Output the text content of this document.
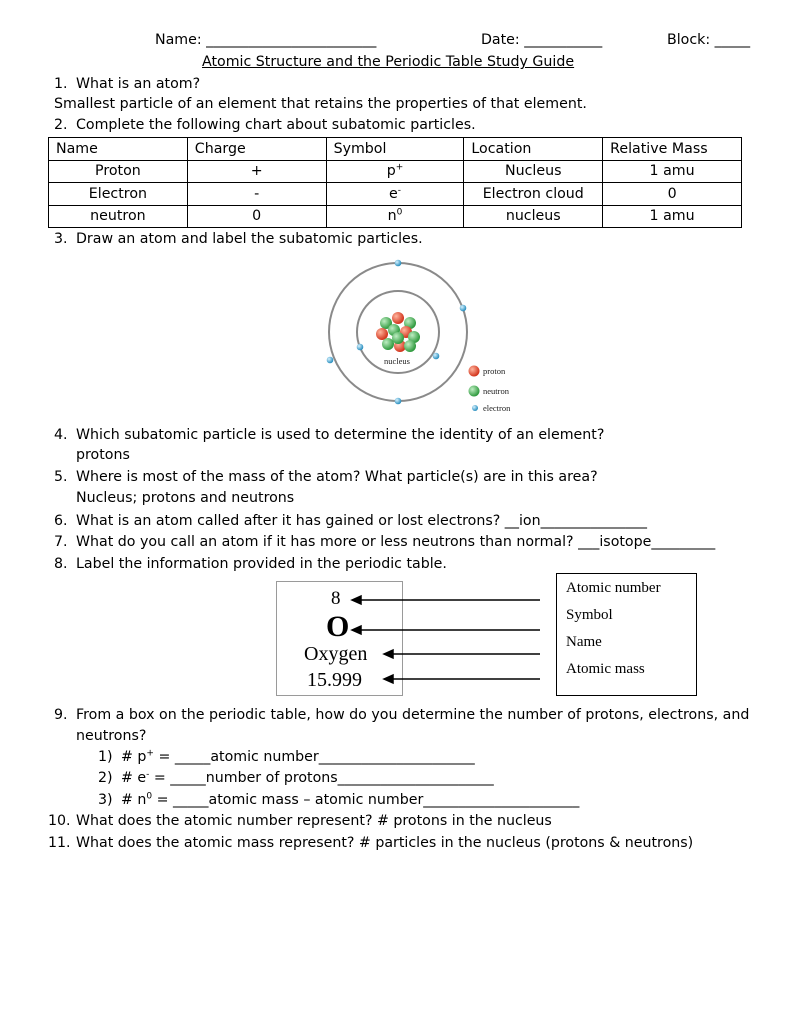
Name: ________________________	Date: ___________	Block: _____
Atomic Structure and the Periodic Table Study Guide
1. What is an atom?
Smallest particle of an element that retains the properties of that element.
2. Complete the following chart about subatomic particles.
Name	Charge	Symbol	Location	Relative Mass
Proton	+	p+	Nucleus	1 amu
Electron	-	e-	Electron cloud	0
neutron	0	$n^0$	nucleus	1 amu
3. Draw an atom and label the subatomic particles.
nucleus
proton
neutron
electron
4. Which subatomic particle is used to determine the identity of an element?
protons
5. Where is most of the mass of the atom? What particle(s) are in this area?
Nucleus; protons and neutrons
6. What is an atom called after it has gained or lost electrons? __ion_______________
7. What do you call an atom if it has more or less neutrons than normal? ___isotope_________
8. Label the information provided in the periodic table.
8
O
Oxygen
15.999
Atomic number
Symbol
Name
Atomic mass
9. From a box on the periodic table, how do you determine the number of protons, electrons, and
neutrons?
1) # p+ = _____atomic number______________________
2) # e- = _____number of protons______________________
3) # $n^0$ = _____atomic mass – atomic number______________________
10. What does the atomic number represent? # protons in the nucleus
11. What does the atomic mass represent? # particles in the nucleus (protons & neutrons)
